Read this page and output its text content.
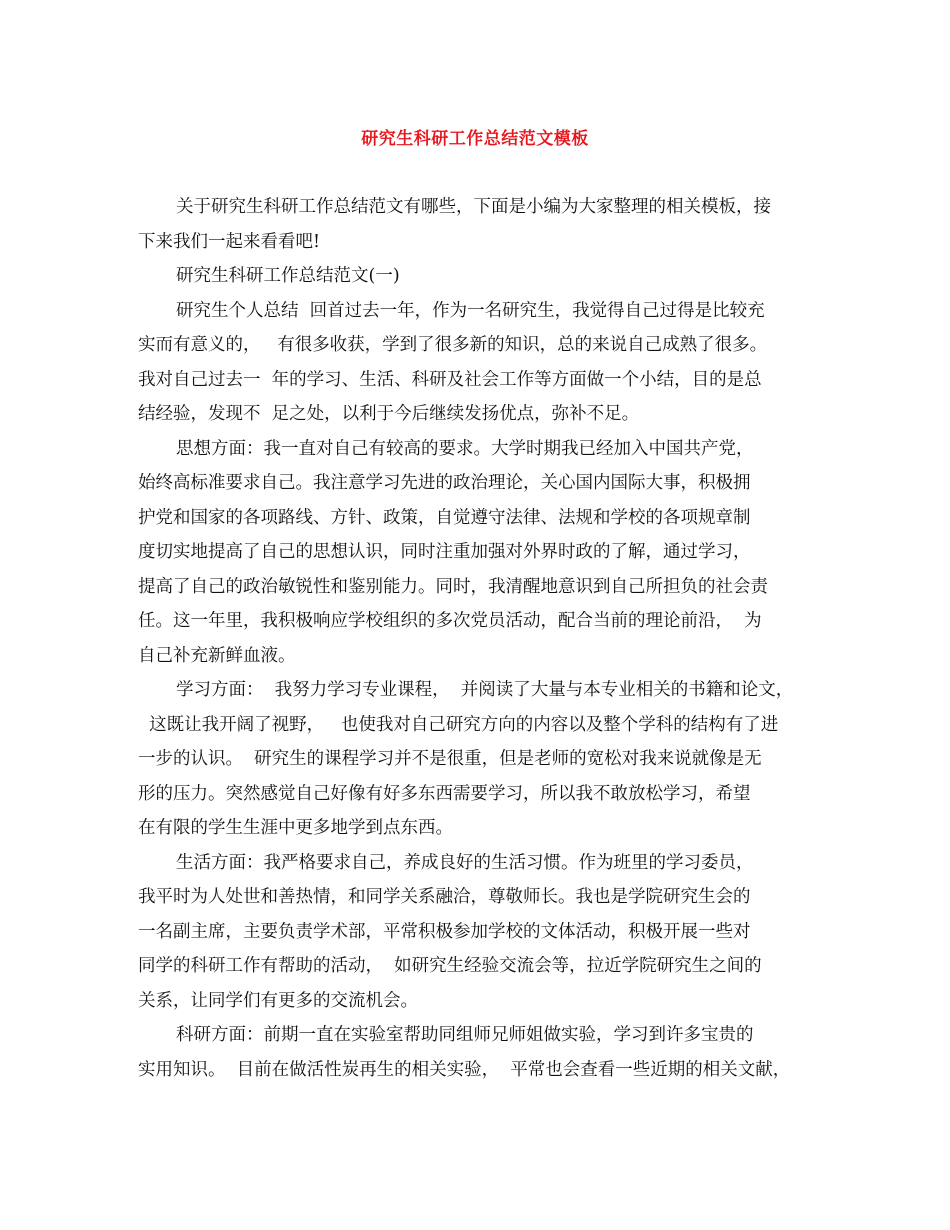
研究生科研工作总结范文模板
关于研究生科研工作总结范文有哪些，下面是小编为大家整理的相关模板，接
下来我们一起来看看吧!
研究生科研工作总结范文(一)
研究生个人总结  回首过去一年，作为一名研究生，我觉得自己过得是比较充
实而有意义的，   有很多收获，学到了很多新的知识，总的来说自己成熟了很多。
我对自己过去一  年的学习、生活、科研及社会工作等方面做一个小结，目的是总
结经验，发现不  足之处，以利于今后继续发扬优点，弥补不足。
思想方面：我一直对自己有较高的要求。大学时期我已经加入中国共产党，
始终高标准要求自己。我注意学习先进的政治理论，关心国内国际大事，积极拥
护党和国家的各项路线、方针、政策，自觉遵守法律、法规和学校的各项规章制
度切实地提高了自己的思想认识，同时注重加强对外界时政的了解，通过学习，
提高了自己的政治敏锐性和鉴别能力。同时，我清醒地意识到自己所担负的社会责
任。这一年里，我积极响应学校组织的多次党员活动，配合当前的理论前沿，  为
自己补充新鲜血液。
学习方面：  我努力学习专业课程，  并阅读了大量与本专业相关的书籍和论文，
这既让我开阔了视野，   也使我对自己研究方向的内容以及整个学科的结构有了进
一步的认识。  研究生的课程学习并不是很重，但是老师的宽松对我来说就像是无
形的压力。突然感觉自己好像有好多东西需要学习，所以我不敢放松学习，希望
在有限的学生生涯中更多地学到点东西。
生活方面：我严格要求自己，养成良好的生活习惯。作为班里的学习委员，
我平时为人处世和善热情，和同学关系融洽，尊敬师长。我也是学院研究生会的
一名副主席，主要负责学术部，平常积极参加学校的文体活动，积极开展一些对
同学的科研工作有帮助的活动，  如研究生经验交流会等，拉近学院研究生之间的
关系，让同学们有更多的交流机会。
科研方面：前期一直在实验室帮助同组师兄师姐做实验，学习到许多宝贵的
实用知识。  目前在做活性炭再生的相关实验，  平常也会查看一些近期的相关文献，
